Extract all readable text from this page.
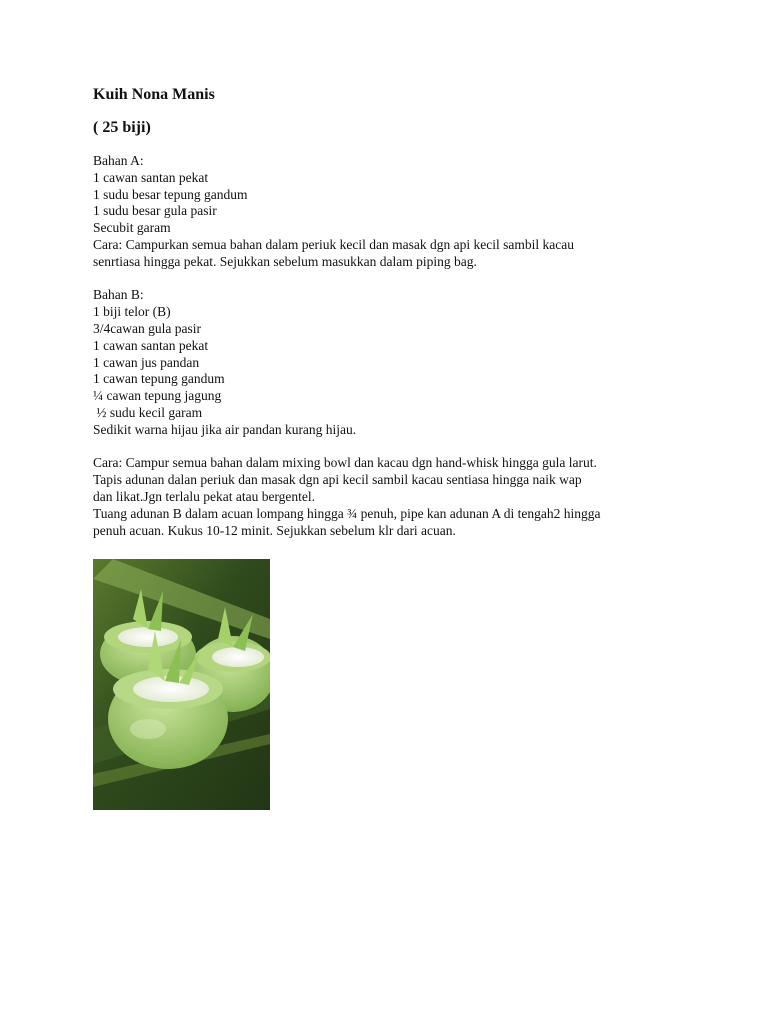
Kuih Nona Manis

( 25 biji)

Bahan A:
1 cawan santan pekat
1 sudu besar tepung gandum
1 sudu besar gula pasir
Secubit garam
Cara: Campurkan semua bahan dalam periuk kecil dan masak dgn api kecil sambil kacau
senrtiasa hingga pekat. Sejukkan sebelum masukkan dalam piping bag.
Bahan B:
1 biji telor (B)
3/4cawan gula pasir
1 cawan santan pekat
1 cawan jus pandan
1 cawan tepung gandum
¼ cawan tepung jagung
½ sudu kecil garam
Sedikit warna hijau jika air pandan kurang hijau.
Cara: Campur semua bahan dalam mixing bowl dan kacau dgn hand-whisk hingga gula larut.
Tapis adunan dalan periuk dan masak dgn api kecil sambil kacau sentiasa hingga naik wap
dan likat.Jgn terlalu pekat atau bergentel.
Tuang adunan B dalam acuan lompang hingga ¾ penuh, pipe kan adunan A di tengah2 hingga
penuh acuan. Kukus 10-12 minit. Sejukkan sebelum klr dari acuan.
